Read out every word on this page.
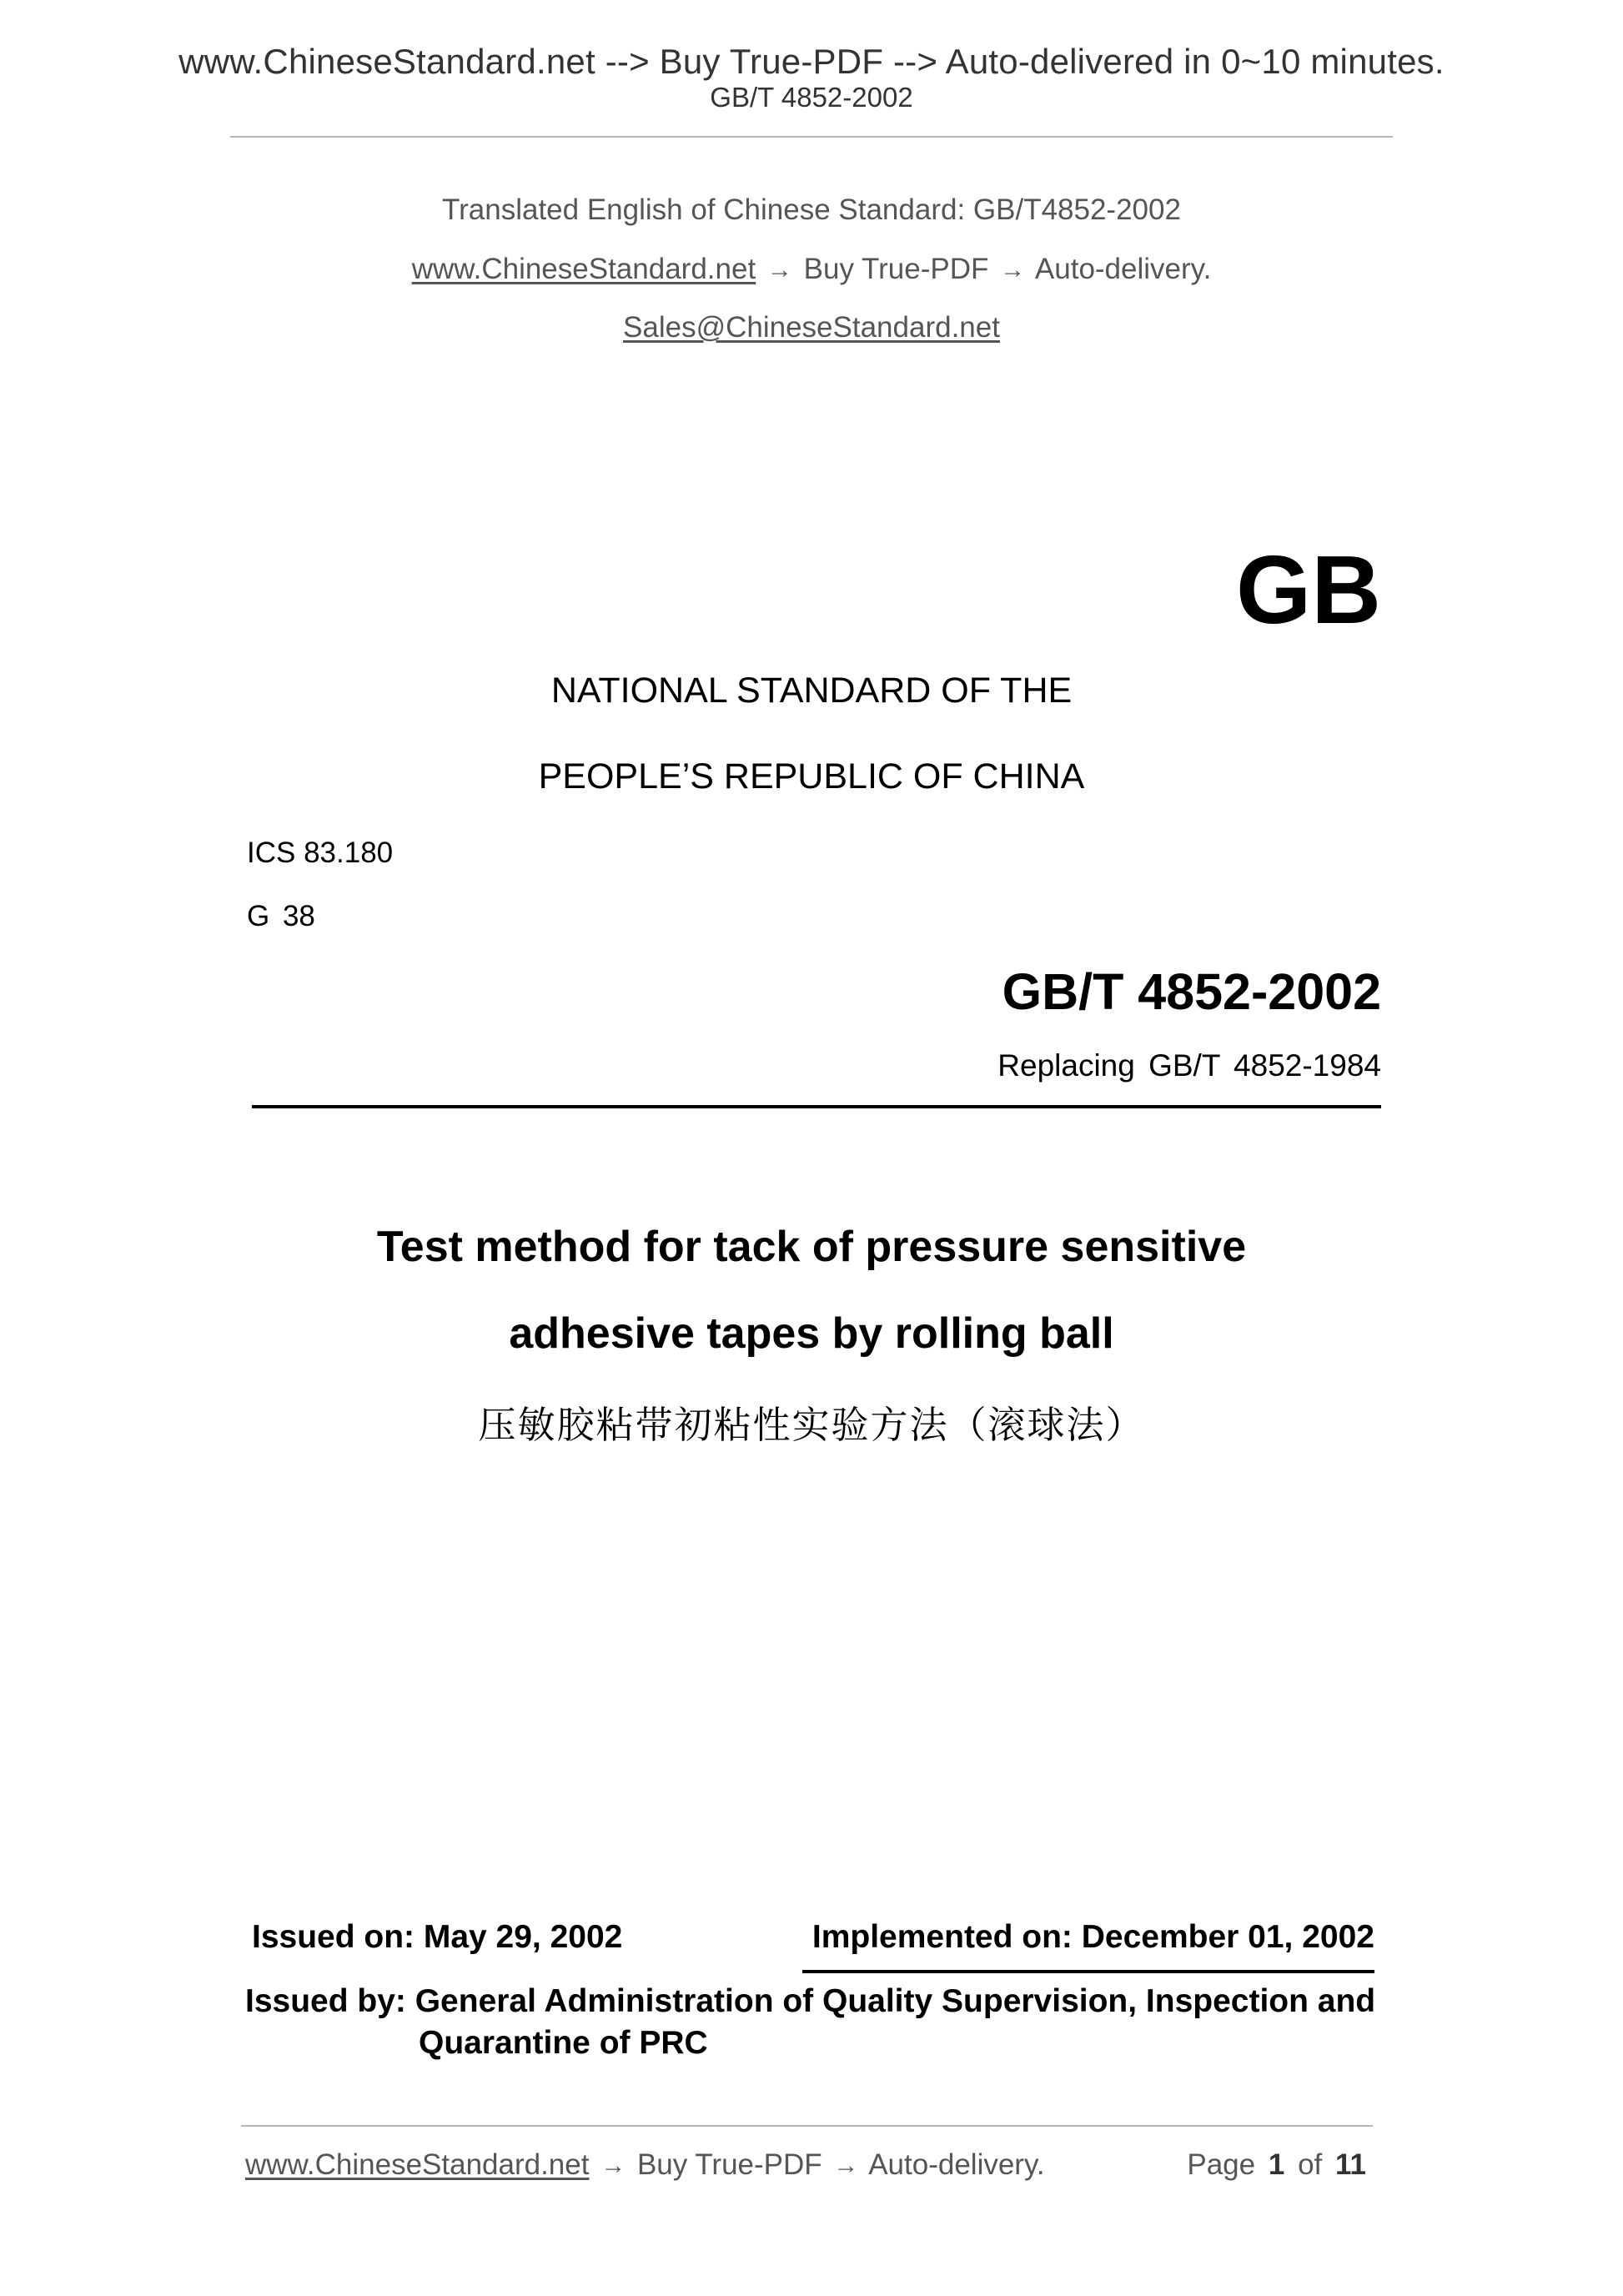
www.ChineseStandard.net --> Buy True-PDF --> Auto-delivered in 0~10 minutes.
GB/T 4852-2002
Translated English of Chinese Standard: GB/T4852-2002
www.ChineseStandard.net → Buy True-PDF → Auto-delivery.
Sales@ChineseStandard.net
GB
NATIONAL STANDARD OF THE
PEOPLE’S REPUBLIC OF CHINA
ICS 83.180
G 38
GB/T 4852-2002
Replacing GB/T 4852-1984
Test method for tack of pressure sensitive
adhesive tapes by rolling ball
压敏胶粘带初粘性实验方法（滚球法）
Issued on: May 29, 2002	Implemented on: December 01, 2002
Issued by: General Administration of Quality Supervision, Inspection and
Quarantine of PRC
www.ChineseStandard.net → Buy True-PDF → Auto-delivery.	Page 1 of 11
